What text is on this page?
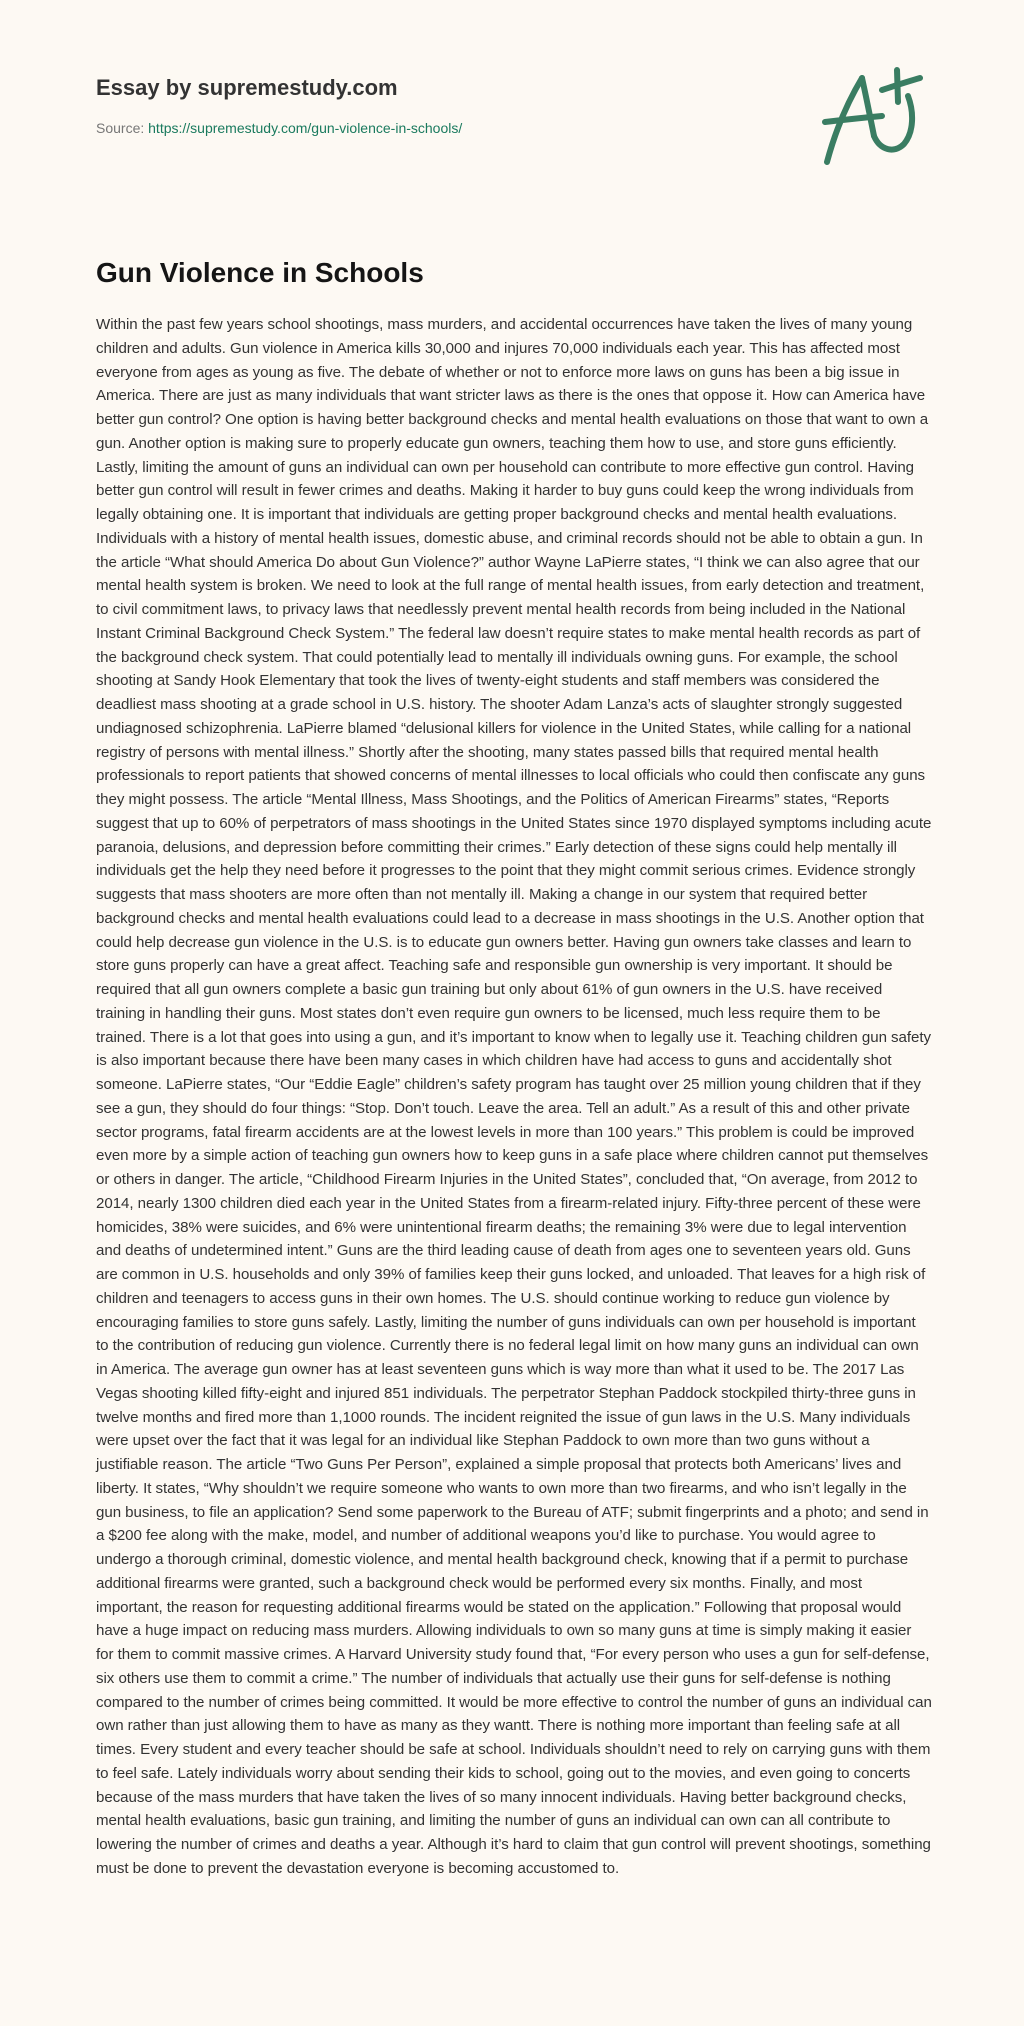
Essay by supremestudy.com

Source: https://supremestudy.com/gun-violence-in-schools/

Gun Violence in Schools

Within the past few years school shootings, mass murders, and accidental occurrences have taken the lives of many young children and adults. Gun violence in America kills 30,000 and injures 70,000 individuals each year. This has affected most everyone from ages as young as five. The debate of whether or not to enforce more laws on guns has been a big issue in America. There are just as many individuals that want stricter laws as there is the ones that oppose it. How can America have better gun control? One option is having better background checks and mental health evaluations on those that want to own a gun. Another option is making sure to properly educate gun owners, teaching them how to use, and store guns efficiently. Lastly, limiting the amount of guns an individual can own per household can contribute to more effective gun control. Having better gun control will result in fewer crimes and deaths. Making it harder to buy guns could keep the wrong individuals from legally obtaining one. It is important that individuals are getting proper background checks and mental health evaluations. Individuals with a history of mental health issues, domestic abuse, and criminal records should not be able to obtain a gun. In the article “What should America Do about Gun Violence?” author Wayne LaPierre states, “I think we can also agree that our mental health system is broken. We need to look at the full range of mental health issues, from early detection and treatment, to civil commitment laws, to privacy laws that needlessly prevent mental health records from being included in the National Instant Criminal Background Check System.” The federal law doesn’t require states to make mental health records as part of the background check system. That could potentially lead to mentally ill individuals owning guns. For example, the school shooting at Sandy Hook Elementary that took the lives of twenty-eight students and staff members was considered the deadliest mass shooting at a grade school in U.S. history. The shooter Adam Lanza’s acts of slaughter strongly suggested undiagnosed schizophrenia. LaPierre blamed “delusional killers for violence in the United States, while calling for a national registry of persons with mental illness.” Shortly after the shooting, many states passed bills that required mental health professionals to report patients that showed concerns of mental illnesses to local officials who could then confiscate any guns they might possess. The article “Mental Illness, Mass Shootings, and the Politics of American Firearms” states, “Reports suggest that up to 60% of perpetrators of mass shootings in the United States since 1970 displayed symptoms including acute paranoia, delusions, and depression before committing their crimes.” Early detection of these signs could help mentally ill individuals get the help they need before it progresses to the point that they might commit serious crimes. Evidence strongly suggests that mass shooters are more often than not mentally ill. Making a change in our system that required better background checks and mental health evaluations could lead to a decrease in mass shootings in the U.S. Another option that could help decrease gun violence in the U.S. is to educate gun owners better. Having gun owners take classes and learn to store guns properly can have a great affect. Teaching safe and responsible gun ownership is very important. It should be required that all gun owners complete a basic gun training but only about 61% of gun owners in the U.S. have received training in handling their guns. Most states don’t even require gun owners to be licensed, much less require them to be trained. There is a lot that goes into using a gun, and it’s important to know when to legally use it. Teaching children gun safety is also important because there have been many cases in which children have had access to guns and accidentally shot someone. LaPierre states, “Our “Eddie Eagle” children’s safety program has taught over 25 million young children that if they see a gun, they should do four things: “Stop. Don’t touch. Leave the area. Tell an adult.” As a result of this and other private sector programs, fatal firearm accidents are at the lowest levels in more than 100 years.” This problem is could be improved even more by a simple action of teaching gun owners how to keep guns in a safe place where children cannot put themselves or others in danger. The article, “Childhood Firearm Injuries in the United States”, concluded that, “On average, from 2012 to 2014, nearly 1300 children died each year in the United States from a firearm-related injury. Fifty-three percent of these were homicides, 38% were suicides, and 6% were unintentional firearm deaths; the remaining 3% were due to legal intervention and deaths of undetermined intent.” Guns are the third leading cause of death from ages one to seventeen years old. Guns are common in U.S. households and only 39% of families keep their guns locked, and unloaded. That leaves for a high risk of children and teenagers to access guns in their own homes. The U.S. should continue working to reduce gun violence by encouraging families to store guns safely. Lastly, limiting the number of guns individuals can own per household is important to the contribution of reducing gun violence. Currently there is no federal legal limit on how many guns an individual can own in America. The average gun owner has at least seventeen guns which is way more than what it used to be. The 2017 Las Vegas shooting killed fifty-eight and injured 851 individuals. The perpetrator Stephan Paddock stockpiled thirty-three guns in twelve months and fired more than 1,1000 rounds. The incident reignited the issue of gun laws in the U.S. Many individuals were upset over the fact that it was legal for an individual like Stephan Paddock to own more than two guns without a justifiable reason. The article “Two Guns Per Person”, explained a simple proposal that protects both Americans’ lives and liberty. It states, “Why shouldn’t we require someone who wants to own more than two firearms, and who isn’t legally in the gun business, to file an application? Send some paperwork to the Bureau of ATF; submit fingerprints and a photo; and send in a $200 fee along with the make, model, and number of additional weapons you’d like to purchase. You would agree to undergo a thorough criminal, domestic violence, and mental health background check, knowing that if a permit to purchase additional firearms were granted, such a background check would be performed every six months. Finally, and most important, the reason for requesting additional firearms would be stated on the application.” Following that proposal would have a huge impact on reducing mass murders. Allowing individuals to own so many guns at time is simply making it easier for them to commit massive crimes. A Harvard University study found that, “For every person who uses a gun for self-defense, six others use them to commit a crime.” The number of individuals that actually use their guns for self-defense is nothing compared to the number of crimes being committed. It would be more effective to control the number of guns an individual can own rather than just allowing them to have as many as they wantt. There is nothing more important than feeling safe at all times. Every student and every teacher should be safe at school. Individuals shouldn’t need to rely on carrying guns with them to feel safe. Lately individuals worry about sending their kids to school, going out to the movies, and even going to concerts because of the mass murders that have taken the lives of so many innocent individuals. Having better background checks, mental health evaluations, basic gun training, and limiting the number of guns an individual can own can all contribute to lowering the number of crimes and deaths a year. Although it’s hard to claim that gun control will prevent shootings, something must be done to prevent the devastation everyone is becoming accustomed to.
